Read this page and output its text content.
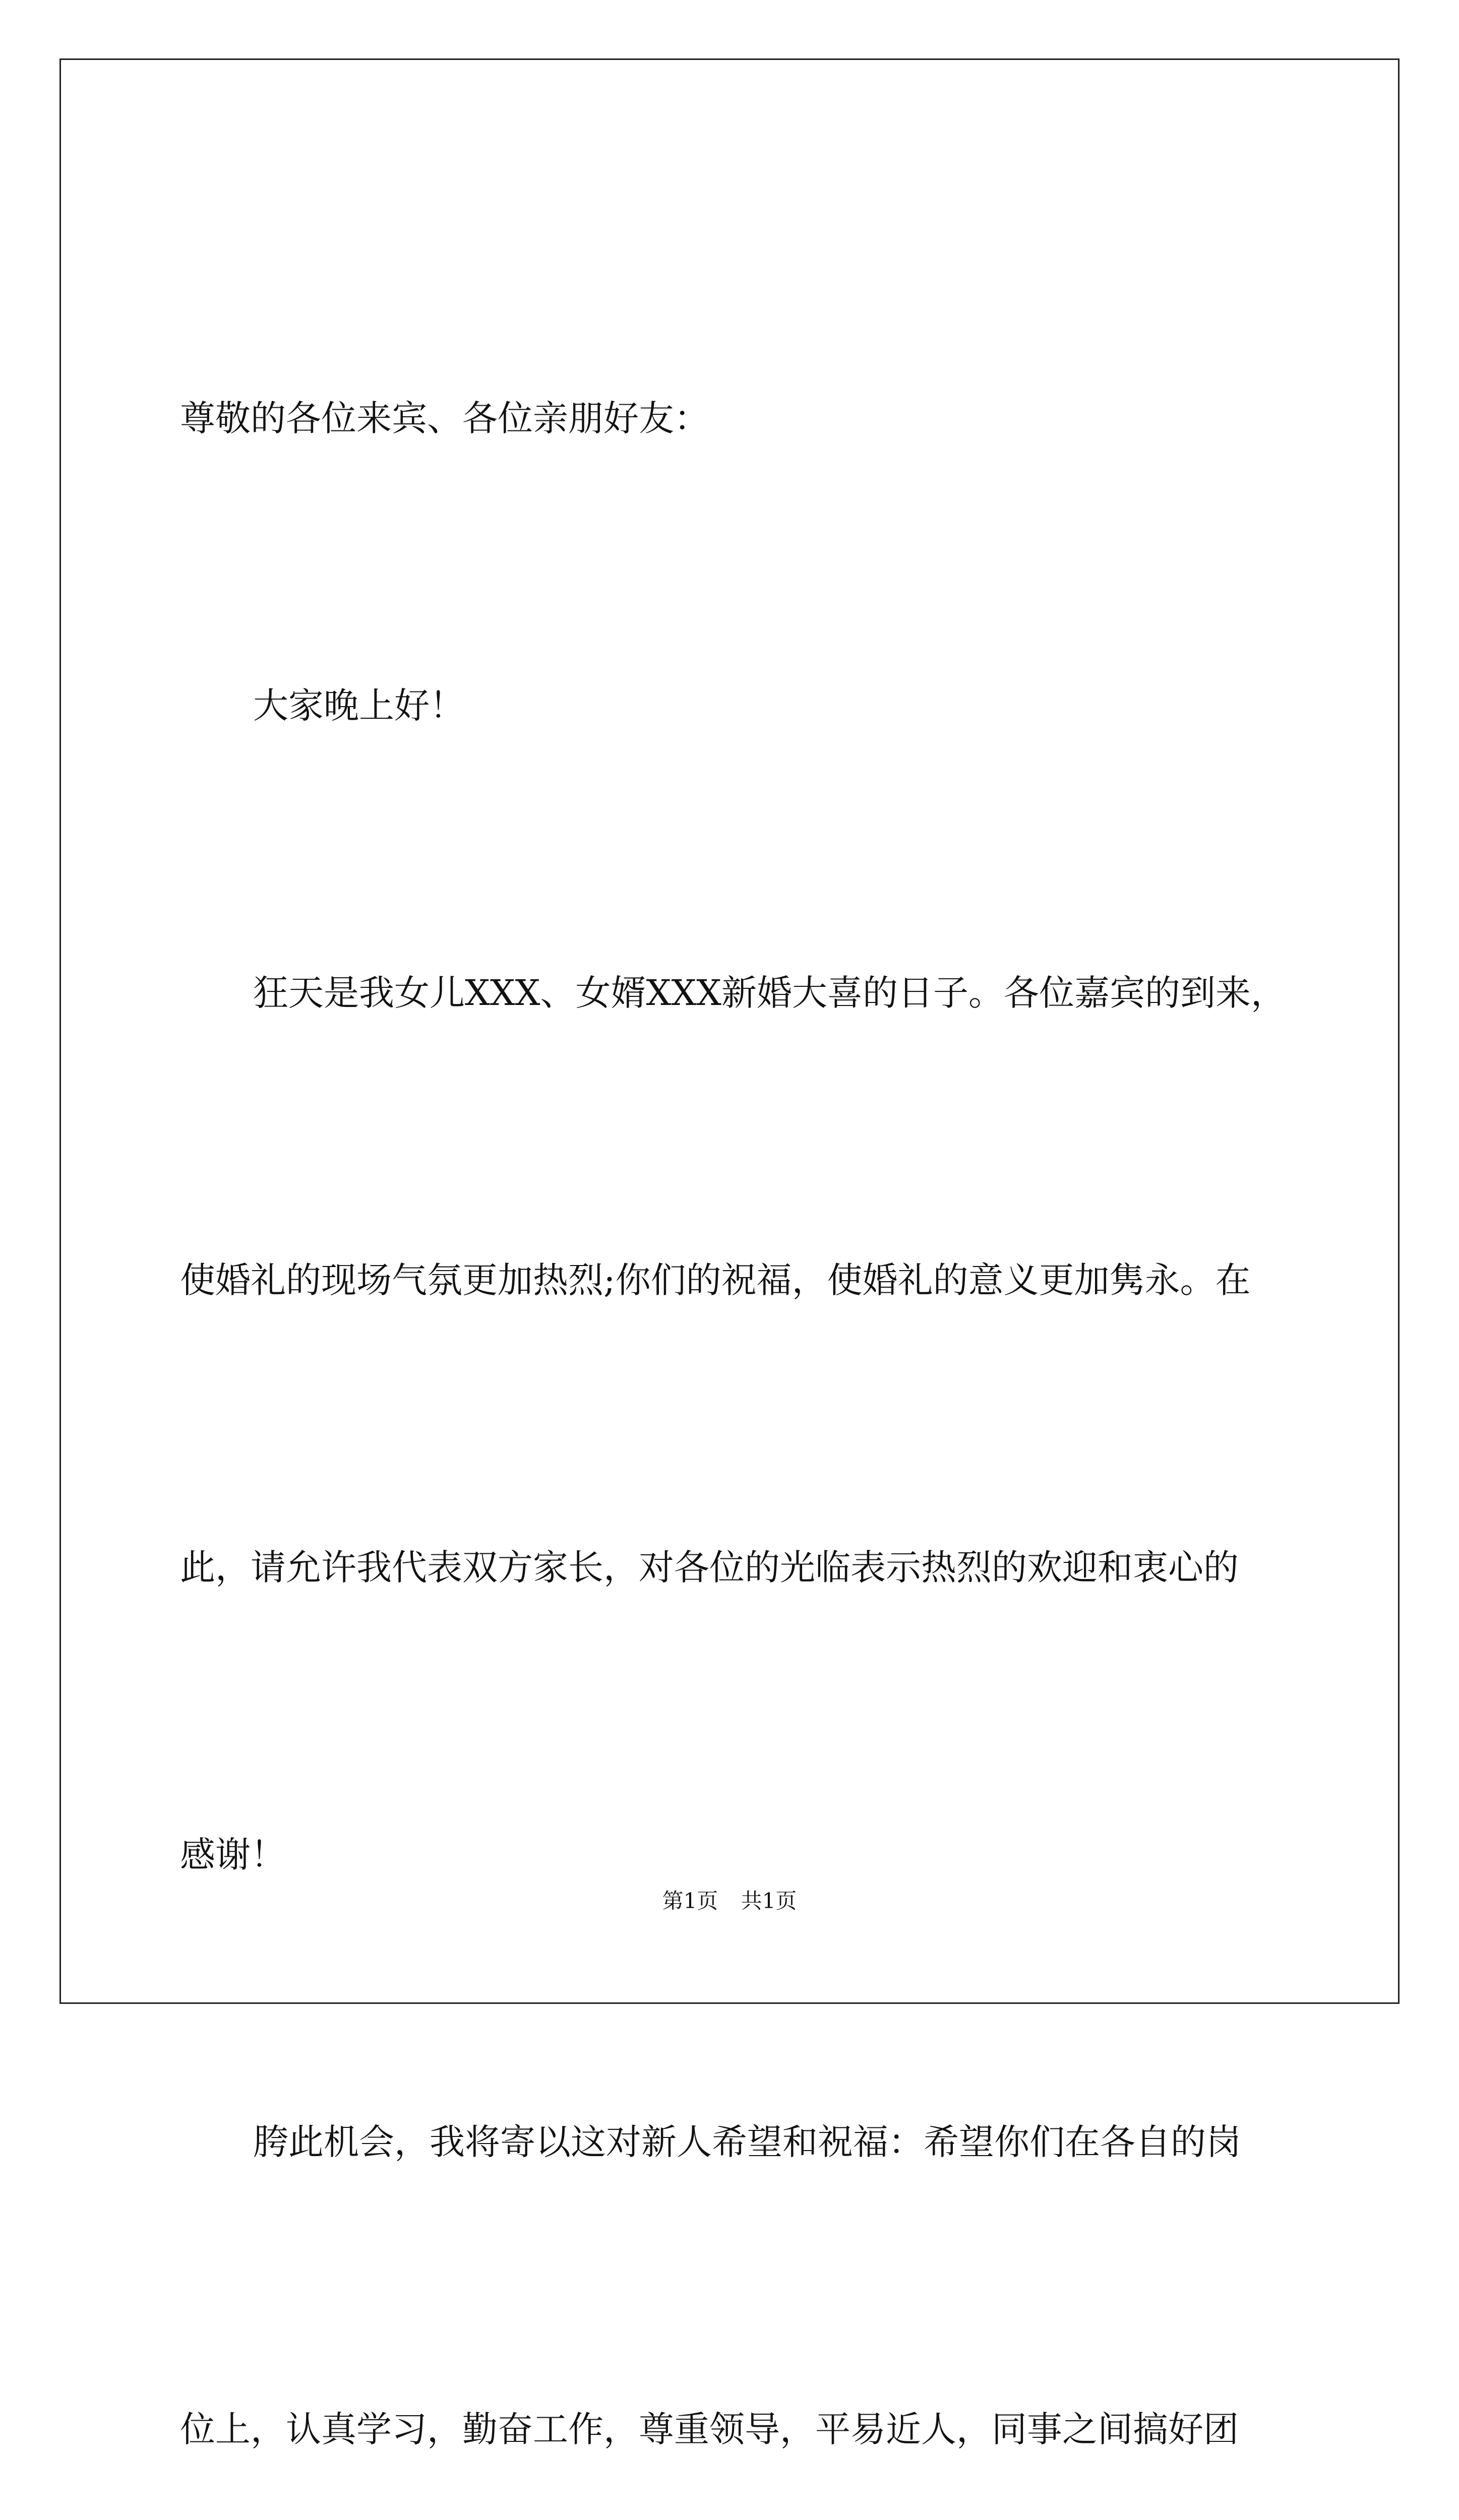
尊敬的各位来宾、各位亲朋好友：

大家晚上好！

狂天是我女儿XXX、女婿XXX新婚大喜的日子。各位嘉宾的到来，

使婚礼的现场气氛更加热烈;你们的祝福，使婚礼的意义更加隽永。在

此，请允许我代表双方家长，对各位的光临表示热烈的欢迎和衷心的

感谢！

胯此机会，我将寄以这对新人希望和祝福：希望你们在各自的岗

位上，认真学习，勤奋工作，尊重领导，平易近人，同事之间搞好团

第1页 共1页
